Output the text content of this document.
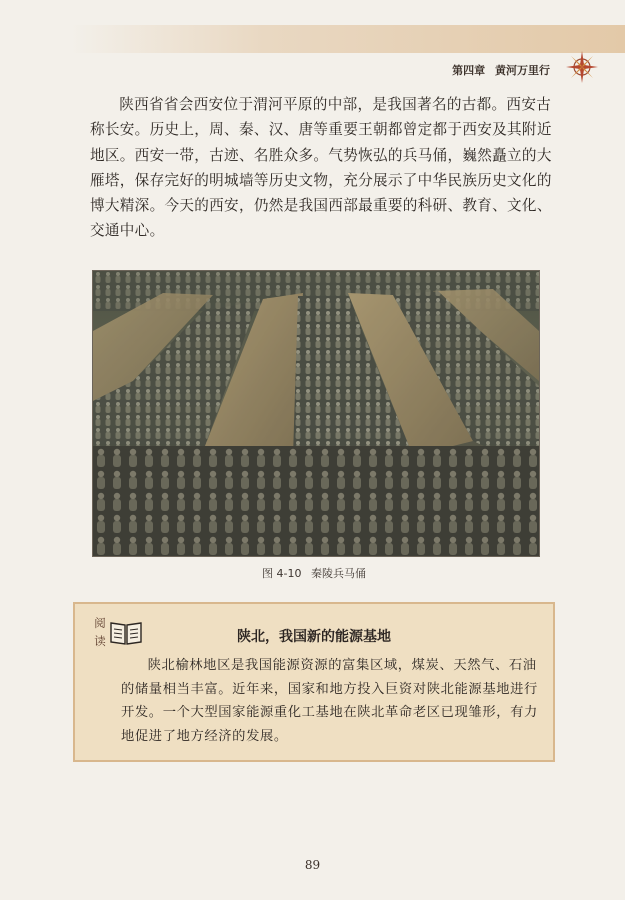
第四章 黄河万里行
陕西省省会西安位于渭河平原的中部，是我国著名的古都。西安古称长安。历史上，周、秦、汉、唐等重要王朝都曾定都于西安及其附近地区。西安一带，古迹、名胜众多。气势恢弘的兵马俑，巍然矗立的大雁塔，保存完好的明城墙等历史文物，充分展示了中华民族历史文化的博大精深。今天的西安，仍然是我国西部最重要的科研、教育、文化、交通中心。
图 4-10 秦陵兵马俑
阅
读	陕北，我国新的能源基地
陕北榆林地区是我国能源资源的富集区域，煤炭、天然气、石油的储量相当丰富。近年来，国家和地方投入巨资对陕北能源基地进行开发。一个大型国家能源重化工基地在陕北革命老区已现雏形，有力地促进了地方经济的发展。
89
